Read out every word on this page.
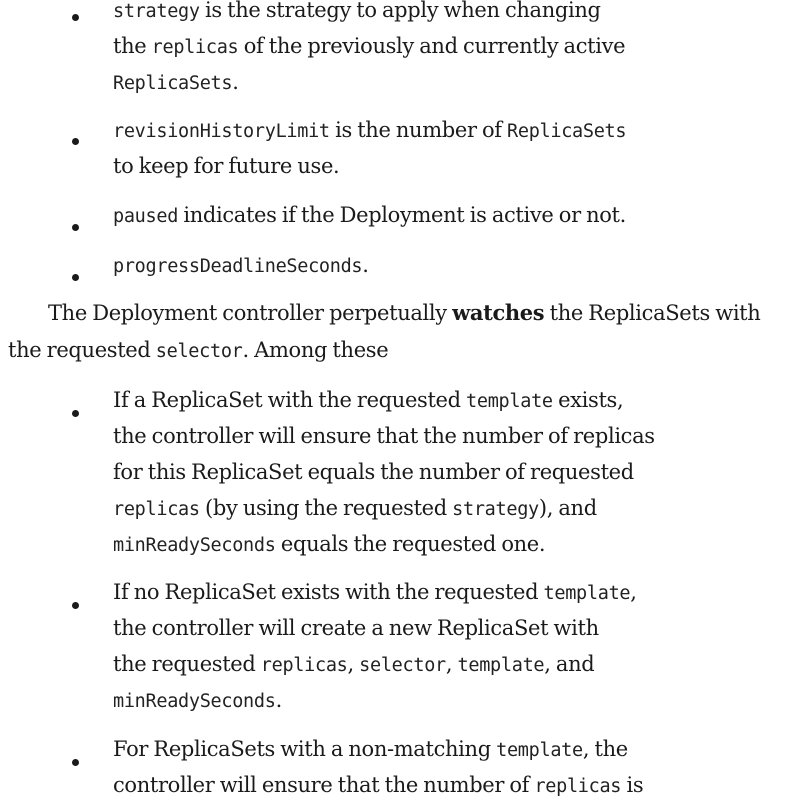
strategy is the strategy to apply when changing
the replicas of the previously and currently active
ReplicaSets.
revisionHistoryLimit is the number of ReplicaSets
to keep for future use.
paused indicates if the Deployment is active or not.
progressDeadlineSeconds.
The Deployment controller perpetually watches the ReplicaSets with
the requested selector. Among these
If a ReplicaSet with the requested template exists,
the controller will ensure that the number of replicas
for this ReplicaSet equals the number of requested
replicas (by using the requested strategy), and
minReadySeconds equals the requested one.
If no ReplicaSet exists with the requested template,
the controller will create a new ReplicaSet with
the requested replicas, selector, template, and
minReadySeconds.
For ReplicaSets with a non-matching template, the
controller will ensure that the number of replicas is
